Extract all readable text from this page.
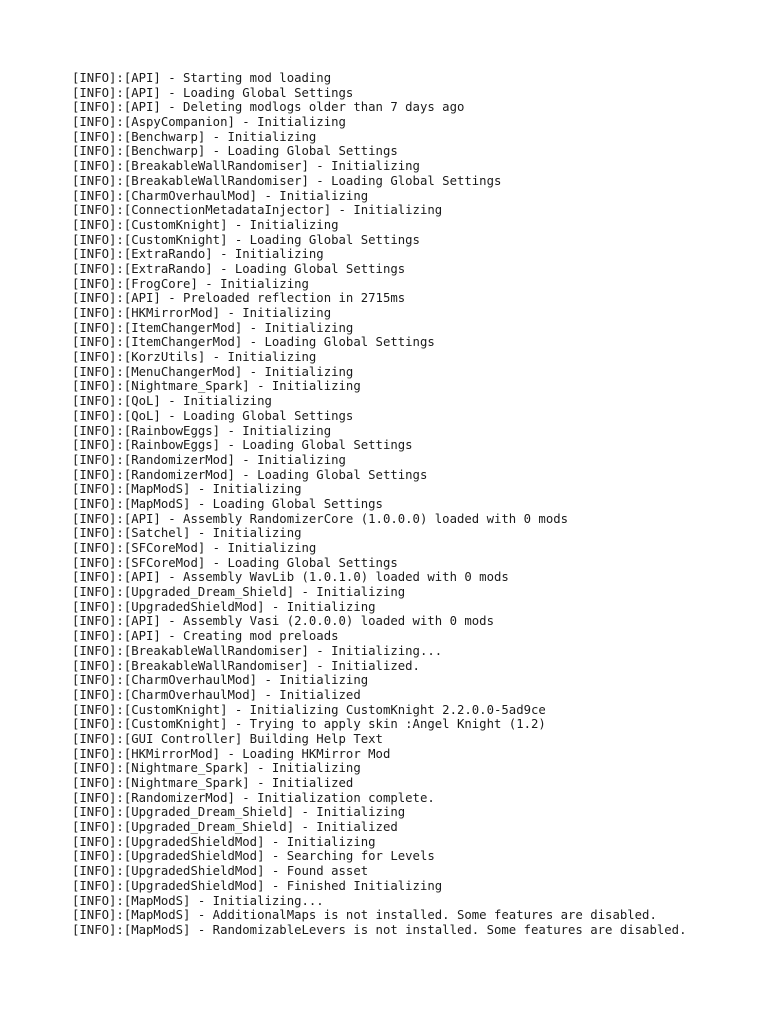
[INFO]:[API] - Starting mod loading
[INFO]:[API] - Loading Global Settings
[INFO]:[API] - Deleting modlogs older than 7 days ago
[INFO]:[AspyCompanion] - Initializing
[INFO]:[Benchwarp] - Initializing
[INFO]:[Benchwarp] - Loading Global Settings
[INFO]:[BreakableWallRandomiser] - Initializing
[INFO]:[BreakableWallRandomiser] - Loading Global Settings
[INFO]:[CharmOverhaulMod] - Initializing
[INFO]:[ConnectionMetadataInjector] - Initializing
[INFO]:[CustomKnight] - Initializing
[INFO]:[CustomKnight] - Loading Global Settings
[INFO]:[ExtraRando] - Initializing
[INFO]:[ExtraRando] - Loading Global Settings
[INFO]:[FrogCore] - Initializing
[INFO]:[API] - Preloaded reflection in 2715ms
[INFO]:[HKMirrorMod] - Initializing
[INFO]:[ItemChangerMod] - Initializing
[INFO]:[ItemChangerMod] - Loading Global Settings
[INFO]:[KorzUtils] - Initializing
[INFO]:[MenuChangerMod] - Initializing
[INFO]:[Nightmare_Spark] - Initializing
[INFO]:[QoL] - Initializing
[INFO]:[QoL] - Loading Global Settings
[INFO]:[RainbowEggs] - Initializing
[INFO]:[RainbowEggs] - Loading Global Settings
[INFO]:[RandomizerMod] - Initializing
[INFO]:[RandomizerMod] - Loading Global Settings
[INFO]:[MapModS] - Initializing
[INFO]:[MapModS] - Loading Global Settings
[INFO]:[API] - Assembly RandomizerCore (1.0.0.0) loaded with 0 mods
[INFO]:[Satchel] - Initializing
[INFO]:[SFCoreMod] - Initializing
[INFO]:[SFCoreMod] - Loading Global Settings
[INFO]:[API] - Assembly WavLib (1.0.1.0) loaded with 0 mods
[INFO]:[Upgraded_Dream_Shield] - Initializing
[INFO]:[UpgradedShieldMod] - Initializing
[INFO]:[API] - Assembly Vasi (2.0.0.0) loaded with 0 mods
[INFO]:[API] - Creating mod preloads
[INFO]:[BreakableWallRandomiser] - Initializing...
[INFO]:[BreakableWallRandomiser] - Initialized.
[INFO]:[CharmOverhaulMod] - Initializing
[INFO]:[CharmOverhaulMod] - Initialized
[INFO]:[CustomKnight] - Initializing CustomKnight 2.2.0.0-5ad9ce
[INFO]:[CustomKnight] - Trying to apply skin :Angel Knight (1.2)
[INFO]:[GUI Controller] Building Help Text
[INFO]:[HKMirrorMod] - Loading HKMirror Mod
[INFO]:[Nightmare_Spark] - Initializing
[INFO]:[Nightmare_Spark] - Initialized
[INFO]:[RandomizerMod] - Initialization complete.
[INFO]:[Upgraded_Dream_Shield] - Initializing
[INFO]:[Upgraded_Dream_Shield] - Initialized
[INFO]:[UpgradedShieldMod] - Initializing
[INFO]:[UpgradedShieldMod] - Searching for Levels
[INFO]:[UpgradedShieldMod] - Found asset
[INFO]:[UpgradedShieldMod] - Finished Initializing
[INFO]:[MapModS] - Initializing...
[INFO]:[MapModS] - AdditionalMaps is not installed. Some features are disabled.
[INFO]:[MapModS] - RandomizableLevers is not installed. Some features are disabled.
